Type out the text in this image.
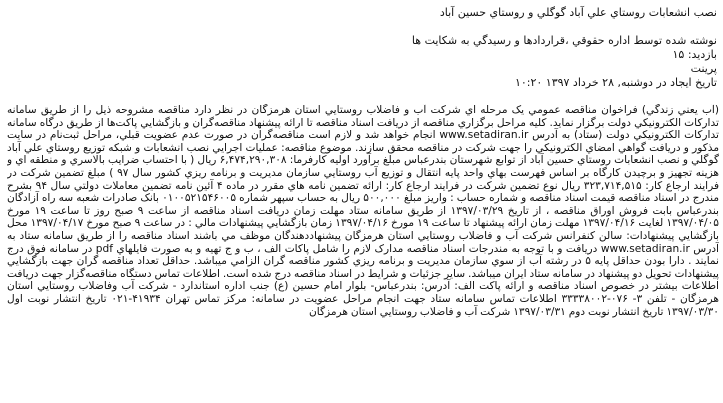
نصب انشعابات روستاي علي آباد گوگلي و روستاي حسين آباد
نوشته شده توسط اداره حقوقي ،قراردادها و رسيدگي به شکايت ها
بازديد: ۱۵
پرينت
تاريخ ايجاد در دوشنبه, ۲۸ خرداد ۱۳۹۷ ۱۰:۲۰
(آب يعني زندگي) فراخوان مناقصه عمومي يک مرحله اي شرکت آب و فاضلاب روستايي استان هرمزگان در نظر دارد مناقصه مشروحه ذيل را از طريق سامانه تدارکات الکترونيکي دولت برگزار نمايد. کليه مراحل برگزاري مناقصه از دريافت اسناد مناقصه تا ارائه پيشنهاد مناقصه‌گران و بازگشايي پاکت‌ها از طريق درگاه سامانه تدارکات الکترونيکي دولت (ستاد) به آدرس www.setadiran.ir انجام خواهد شد و لازم است مناقصه‌گران در صورت عدم عضويت قبلي، مراحل ثبت‌نام در سايت مذکور و دريافت گواهي امضاي الکترونيکي را جهت شرکت در مناقصه محقق سازند. موضوع مناقصه: عمليات اجرايي نصب انشعابات و شبکه توزيع روستاي علي آباد گوگلي و نصب انشعابات روستاي حسين آباد از توابع شهرستان بندرعباس مبلغ برآورد اوليه کارفرما: ۶,۴۷۴,۲۹۰,۳۰۸ ريال ( با احتساب ضرايب بالاسري و منطقه اي و هزينه تجهيز و برچيدن کارگاه بر اساس فهرست بهاي واحد پايه انتقال و توزيع آب روستايي سازمان مديريت و برنامه ريزي کشور سال ۹۷ ) مبلغ تضمين شرکت در فرايند ارجاع کار: ۳۲۳,۷۱۴,۵۱۵ ريال نوع تضمين شرکت در فرايند ارجاع کار: ارائه تضمين نامه هاي مقرر در ماده ۴ آئين نامه تضمين معاملات دولتي سال ۹۴ بشرح مندرج در اسناد مناقصه قيمت اسناد مناقصه و شماره حساب : واريز مبلغ ۵۰۰,۰۰۰ ريال به حساب سپهر شماره ۰۱۰۰۵۲۱۵۴۶۰۰۵ بانک صادرات شعبه سه راه آزادگان بندرعباس بابت فروش اوراق مناقصه ، از تاريخ ۱۳۹۷/۰۳/۲۹ از طريق سامانه ستاد مهلت زمان دريافت اسناد مناقصه از ساعت ۹ صبح روز تا ساعت ۱۹ مورخ ۱۳۹۷/۰۴/۰۵ لغايت ۱۳۹۷/۰۴/۱۶ مهلت زمان ارائه پيشنهاد تا ساعت ۱۹ مورخ ۱۳۹۷/۰۴/۱۶ زمان بازگشايي پيشنهادات مالي : در ساعت ۹ صبح مورخ ۱۳۹۷/۰۴/۱۷ محل بازگشايي پيشنهادات: سالن کنفرانس شرکت آب و فاضلاب روستايي استان هرمزگان پيشنهاددهندگان موظف مي باشند اسناد مناقصه را از طريق سامانه ستاد به آدرس www.setadiran.ir دريافت و با توجه به مندرجات اسناد مناقصه مدارک لازم را شامل پاکات الف ، ب و ج تهيه و به صورت فايلهاي pdf در سامانه فوق درج نمايند . دارا بودن حداقل پايه ۵ در رشته آب از سوي سازمان مديريت و برنامه ريزي کشور مناقصه گران الزامي ميباشد. حداقل تعداد مناقصه گران جهت بازگشايي پيشنهادات تحويل دو پيشنهاد در سامانه ستاد ايران ميباشد. ساير جزئيات و شرايط در اسناد مناقصه درج شده است. اطلاعات تماس دستگاه مناقصه‌گزار جهت دريافت اطلاعات بيشتر در خصوص اسناد مناقصه و ارائه پاکت الف: آدرس: بندرعباس- بلوار امام حسين (ع) جنب اداره استاندارد - شرکت آب وفاضلاب روستايي استان هرمزگان - تلفن ۳- ۰۷۶-۳۳۳۳۸۰۰۲ اطلاعات تماس سامانه ستاد جهت انجام مراحل عضويت در سامانه: مرکز تماس تهران ۴۱۹۳۴-۰۲۱ تاريخ انتشار نوبت اول ۱۳۹۷/۰۳/۳۰ تاريخ انتشار نوبت دوم ۱۳۹۷/۰۳/۳۱ شرکت آب و فاضلاب روستايي استان هرمزگان
